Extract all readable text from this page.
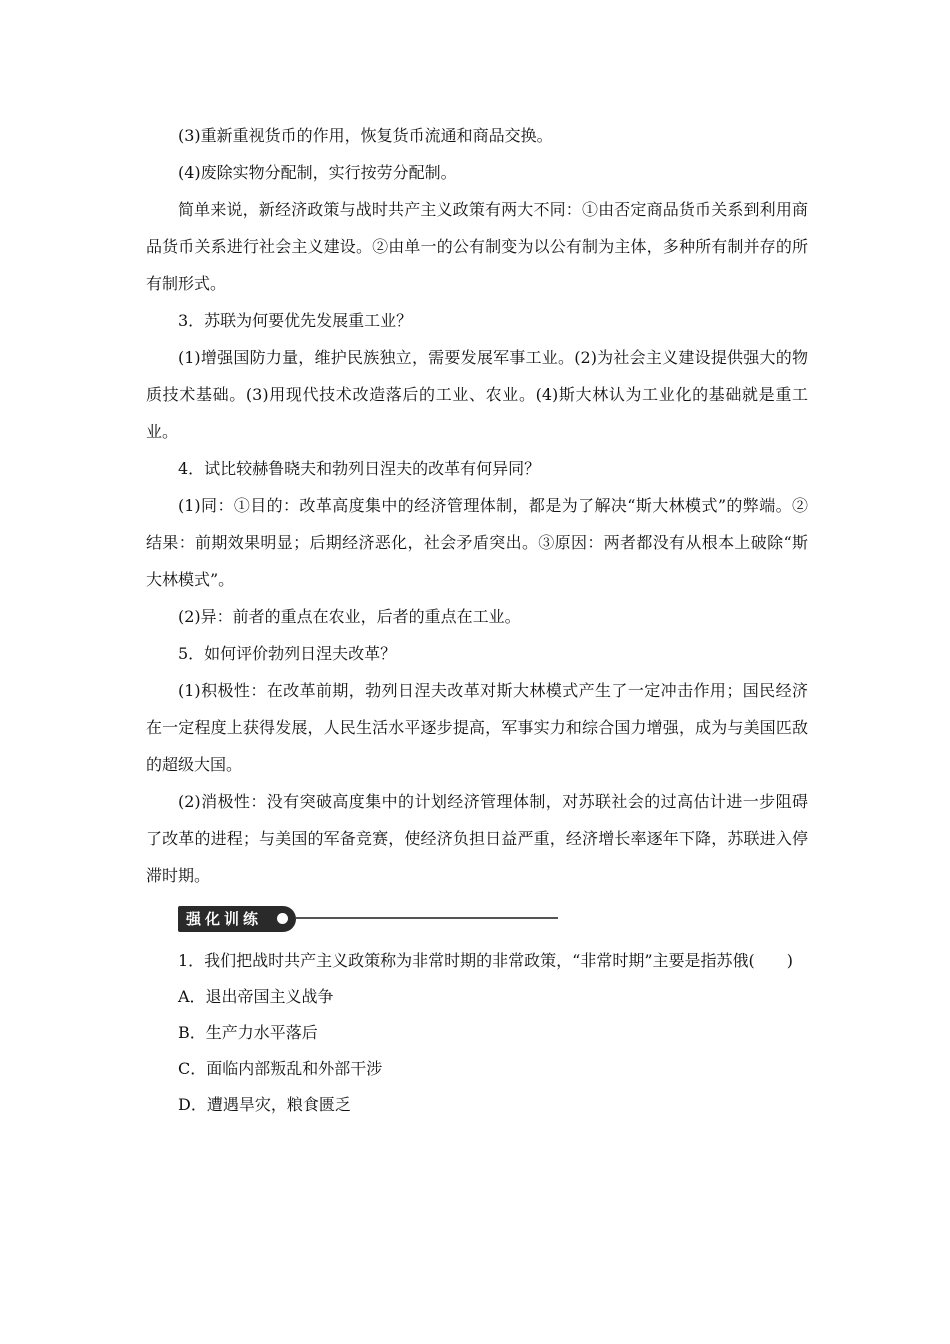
(3)重新重视货币的作用，恢复货币流通和商品交换。

(4)废除实物分配制，实行按劳分配制。

简单来说，新经济政策与战时共产主义政策有两大不同：①由否定商品货币关系到利用商品货币关系进行社会主义建设。②由单一的公有制变为以公有制为主体，多种所有制并存的所有制形式。

3．苏联为何要优先发展重工业？

(1)增强国防力量，维护民族独立，需要发展军事工业。(2)为社会主义建设提供强大的物质技术基础。(3)用现代技术改造落后的工业、农业。(4)斯大林认为工业化的基础就是重工业。

4．试比较赫鲁晓夫和勃列日涅夫的改革有何异同？

(1)同：①目的：改革高度集中的经济管理体制，都是为了解决“斯大林模式”的弊端。②结果：前期效果明显；后期经济恶化，社会矛盾突出。③原因：两者都没有从根本上破除“斯大林模式”。

(2)异：前者的重点在农业，后者的重点在工业。

5．如何评价勃列日涅夫改革？

(1)积极性：在改革前期，勃列日涅夫改革对斯大林模式产生了一定冲击作用；国民经济在一定程度上获得发展，人民生活水平逐步提高，军事实力和综合国力增强，成为与美国匹敌的超级大国。

(2)消极性：没有突破高度集中的计划经济管理体制，对苏联社会的过高估计进一步阻碍了改革的进程；与美国的军备竞赛，使经济负担日益严重，经济增长率逐年下降，苏联进入停滞时期。

强化训练

1．我们把战时共产主义政策称为非常时期的非常政策，“非常时期”主要是指苏俄(　　)

A．退出帝国主义战争

B．生产力水平落后

C．面临内部叛乱和外部干涉

D．遭遇旱灾，粮食匮乏
